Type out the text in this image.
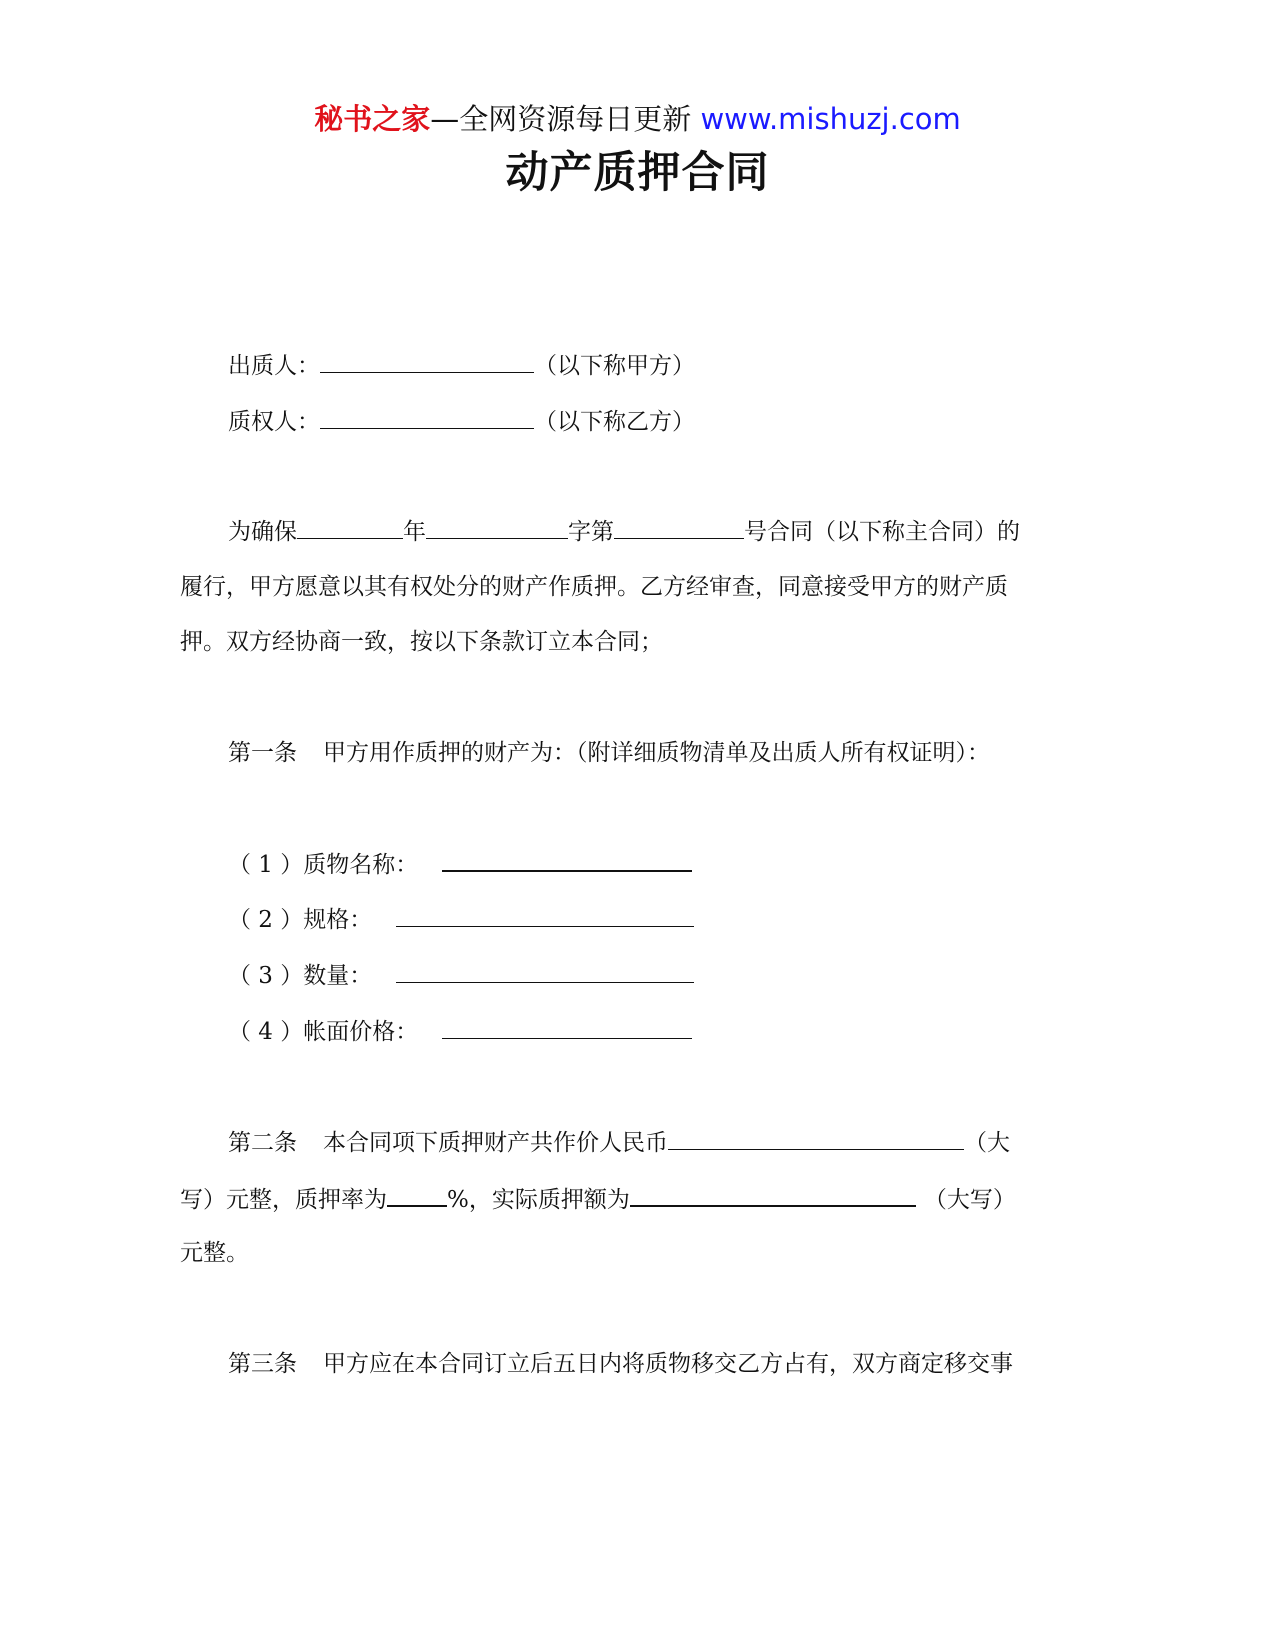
秘书之家—全网资源每日更新 www.mishuzj.com
动产质押合同
出质人：	（以下称甲方）
质权人：	（以下称乙方）
为确保	年	字第	号合同（以下称主合同）的
履行，甲方愿意以其有权处分的财产作质押。乙方经审查，同意接受甲方的财产质
押。双方经协商一致，按以下条款订立本合同；
第一条 甲方用作质押的财产为：（附详细质物清单及出质人所有权证明）：
（ 1 ）质物名称：
（ 2 ）规格：
（ 3 ）数量：
（ 4 ）帐面价格：
第二条 本合同项下质押财产共作价人民币	（大
写）元整，质押率为	%，实际质押额为	（大写）
元整。
第三条 甲方应在本合同订立后五日内将质物移交乙方占有，双方商定移交事
